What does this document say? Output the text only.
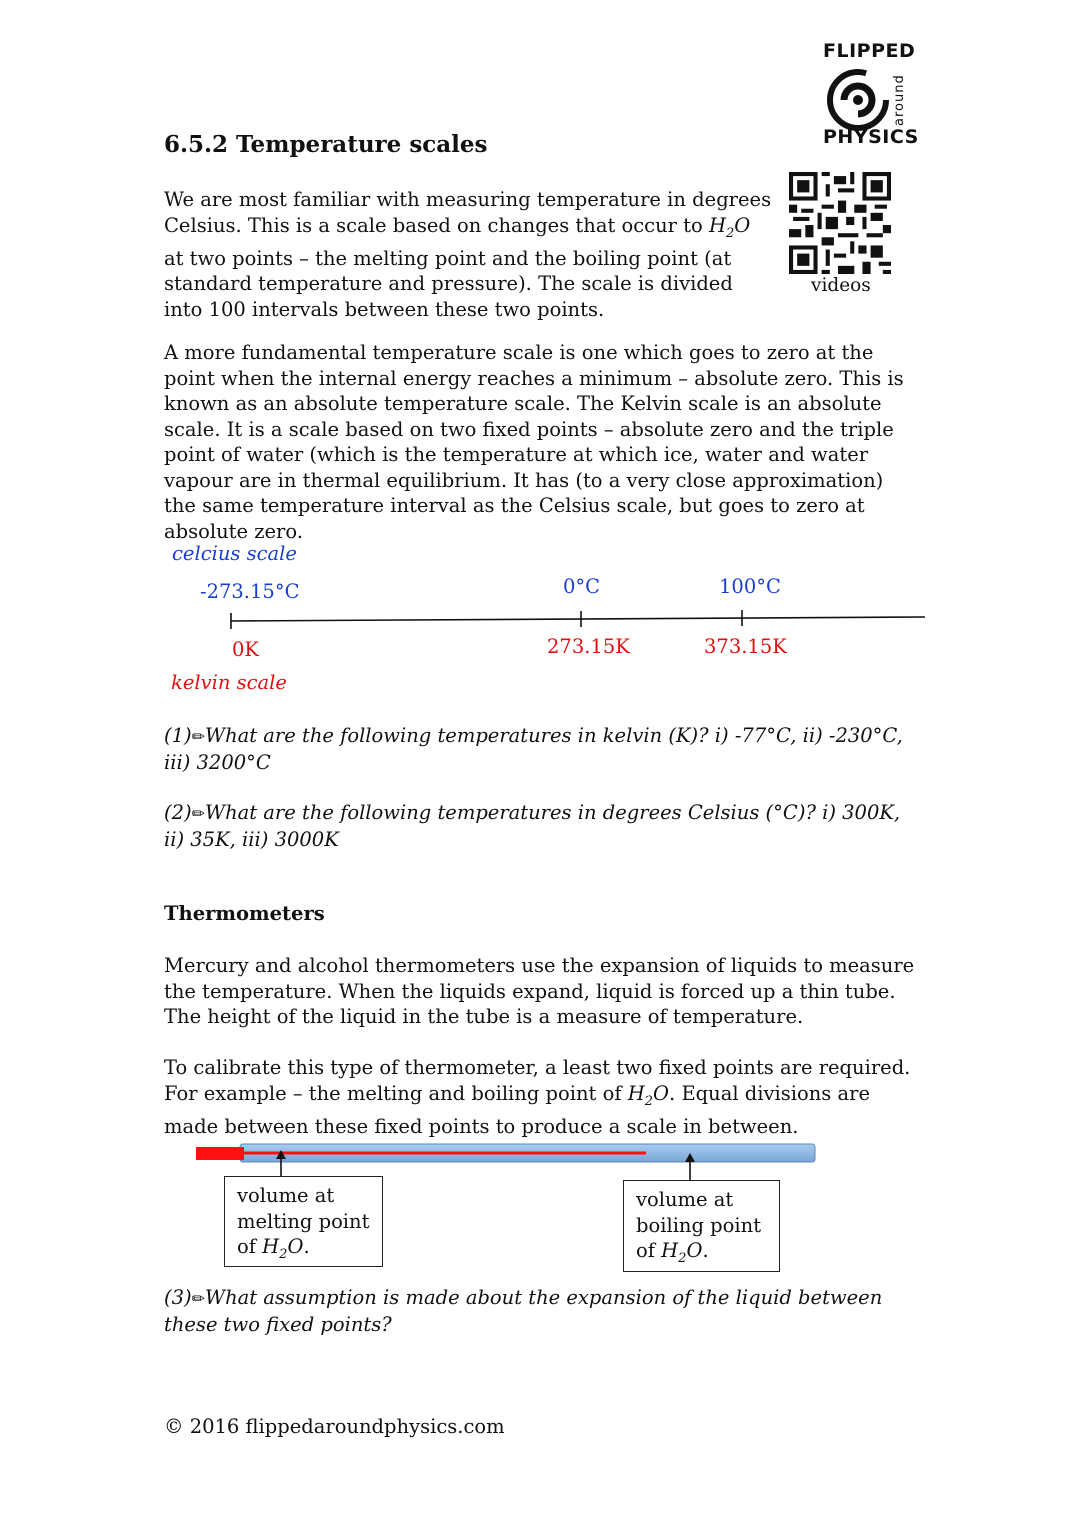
FLIPPED
around
PHYSICS
videos
6.5.2 Temperature scales
We are most familiar with measuring temperature in degrees Celsius. This is a scale based on changes that occur to $H_2O$ at two points – the melting point and the boiling point (at standard temperature and pressure). The scale is divided into 100 intervals between these two points.
A more fundamental temperature scale is one which goes to zero at the point when the internal energy reaches a minimum – absolute zero. This is known as an absolute temperature scale. The Kelvin scale is an absolute scale. It is a scale based on two fixed points – absolute zero and the triple point of water (which is the temperature at which ice, water and water vapour are in thermal equilibrium. It has (to a very close approximation) the same temperature interval as the Celsius scale, but goes to zero at absolute zero.
celcius scale
-273.15°C	0°C	100°C
0K	273.15K	373.15K
kelvin scale
(1)✏What are the following temperatures in kelvin (K)? i) -77°C, ii) -230°C, iii) 3200°C
(2)✏What are the following temperatures in degrees Celsius (°C)? i) 300K, ii) 35K, iii) 3000K
Thermometers
Mercury and alcohol thermometers use the expansion of liquids to measure the temperature. When the liquids expand, liquid is forced up a thin tube. The height of the liquid in the tube is a measure of temperature.
To calibrate this type of thermometer, a least two fixed points are required. For example – the melting and boiling point of $H_2O$. Equal divisions are made between these fixed points to produce a scale in between.
volume at
melting point
of $H_2O$.
volume at
boiling point
of $H_2O$.
(3)✏What assumption is made about the expansion of the liquid between these two fixed points?
© 2016 flippedaroundphysics.com
